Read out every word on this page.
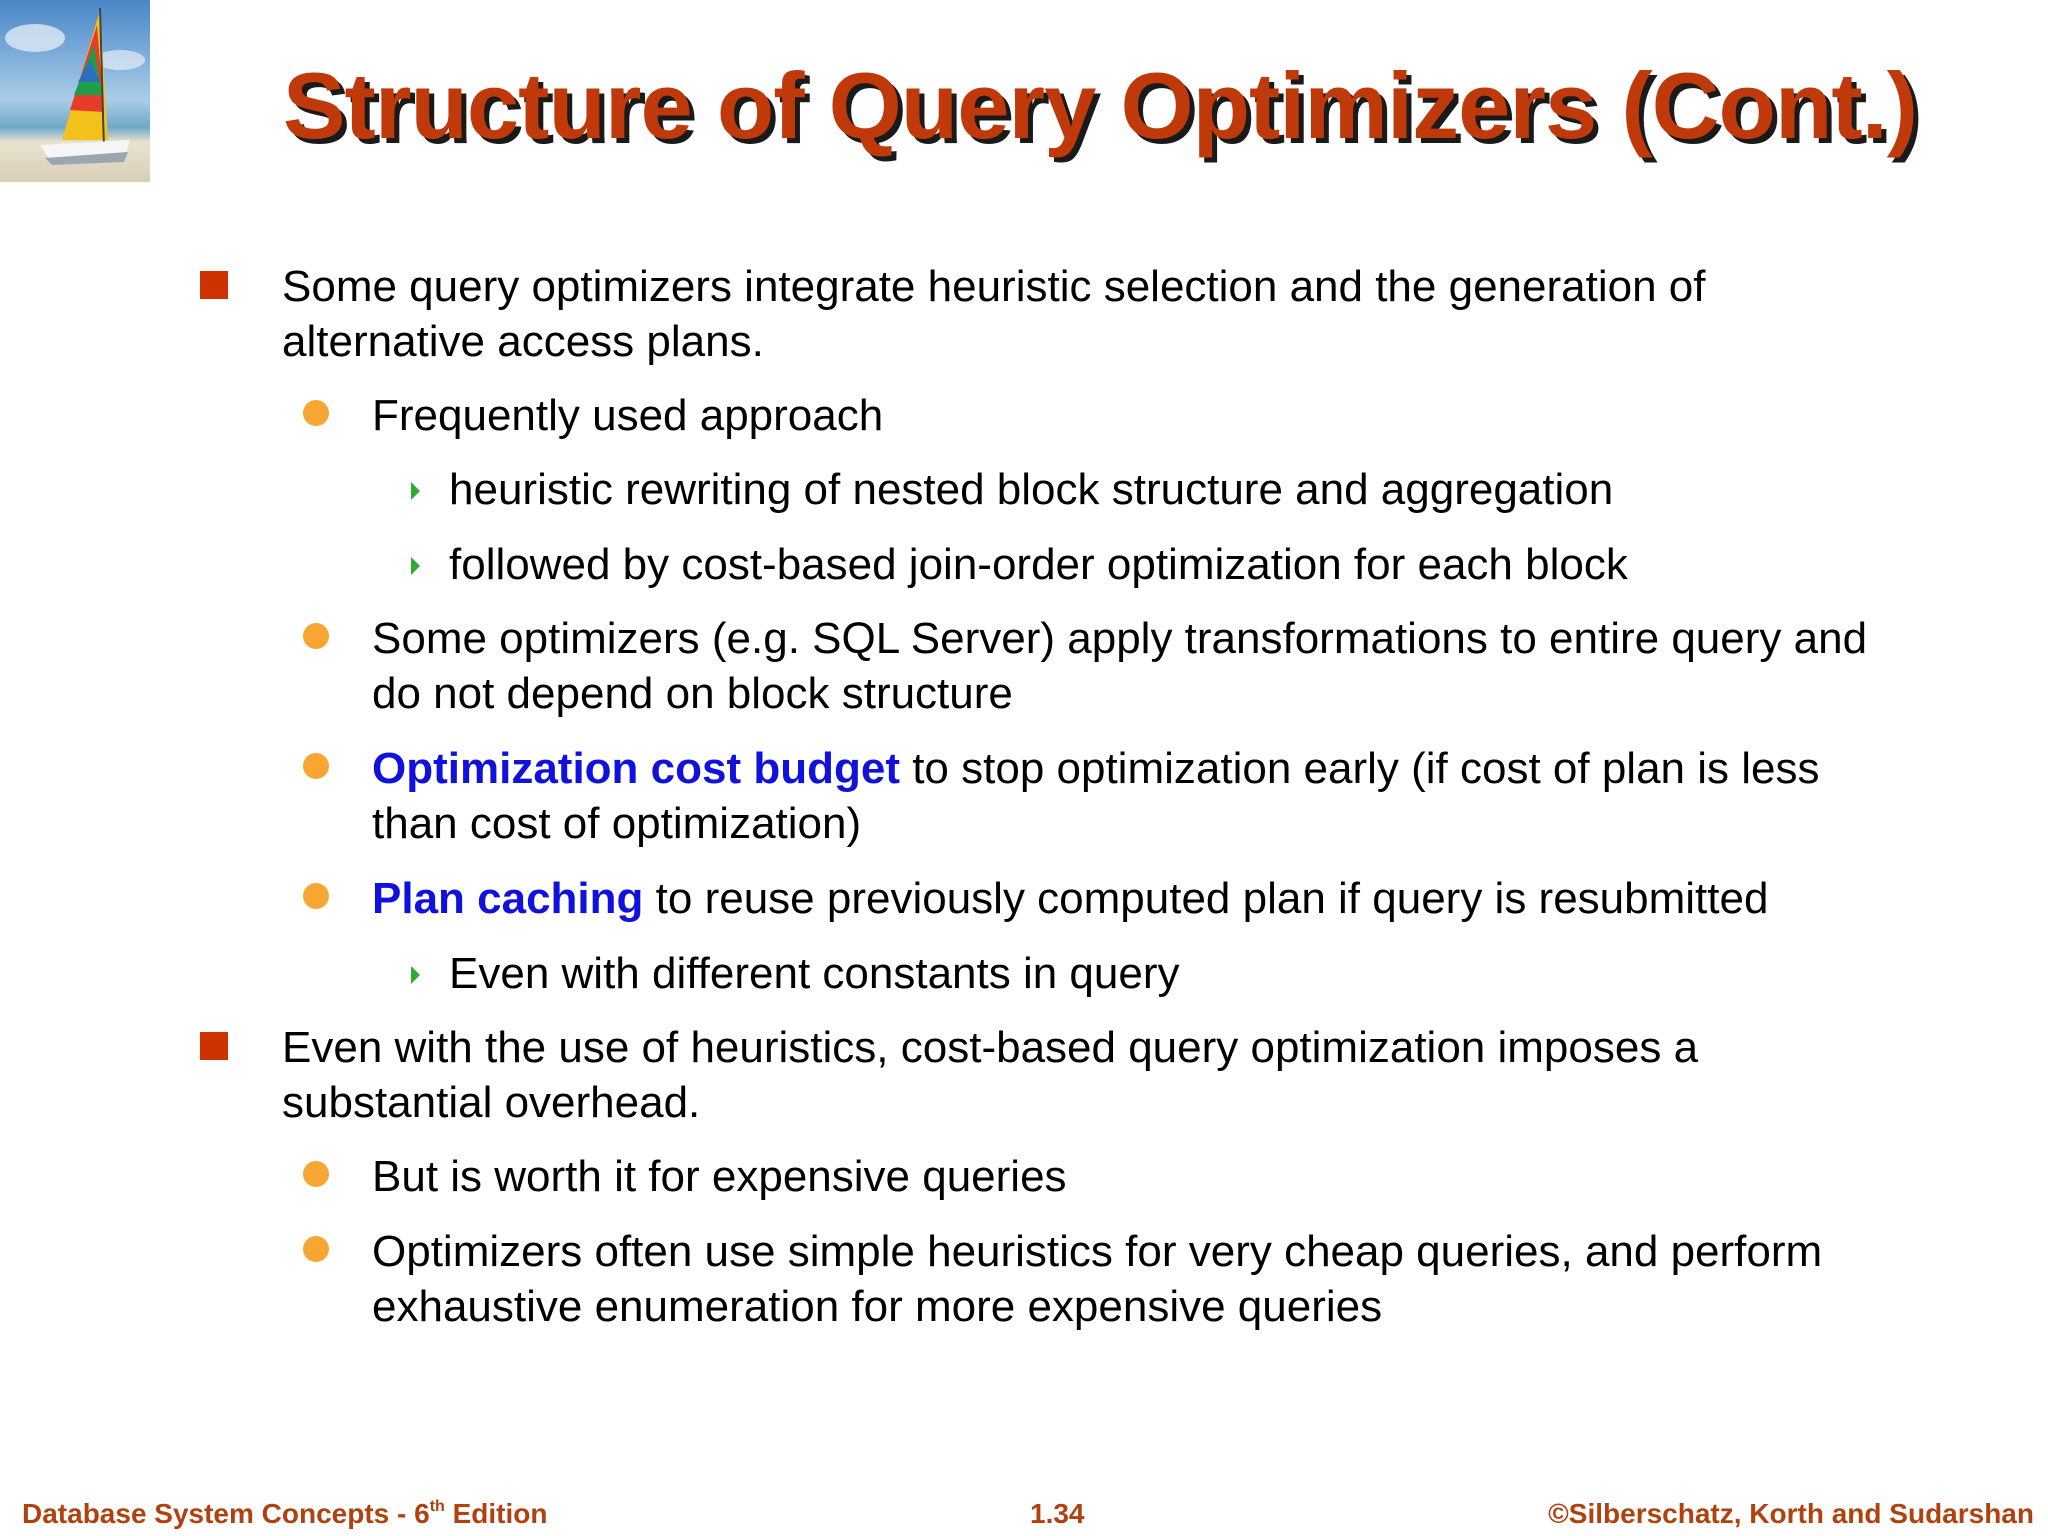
Structure of Query Optimizers (Cont.)
Some query optimizers integrate heuristic selection and the generation of alternative access plans.
Frequently used approach
heuristic rewriting of nested block structure and aggregation
followed by cost-based join-order optimization for each block
Some optimizers (e.g. SQL Server) apply transformations to entire query and do not depend on block structure
Optimization cost budget to stop optimization early (if cost of plan is less than cost of optimization)
Plan caching to reuse previously computed plan if query is resubmitted
Even with different constants in query
Even with the use of heuristics, cost-based query optimization imposes a substantial overhead.
But is worth it for expensive queries
Optimizers often use simple heuristics for very cheap queries, and perform exhaustive enumeration for more expensive queries
Database System Concepts - 6th Edition	1.34	©Silberschatz, Korth and Sudarshan
